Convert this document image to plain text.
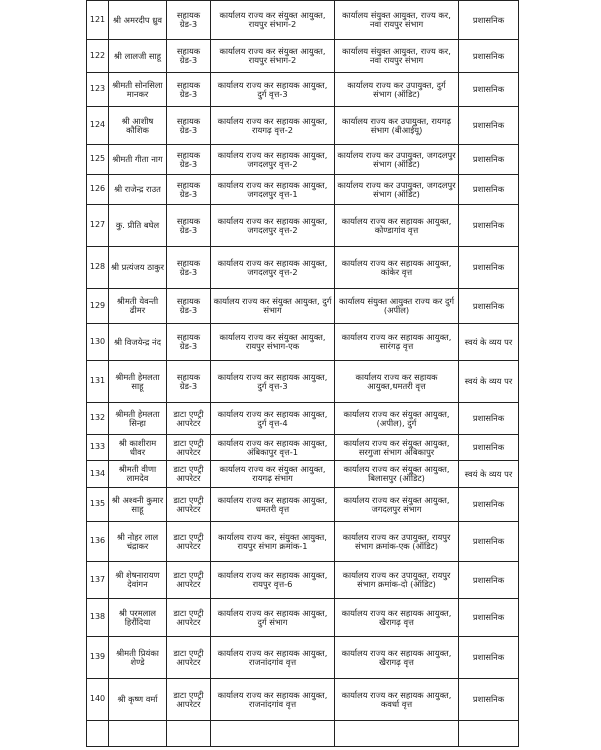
121	श्री अमरदीप ध्रुव	सहायक ग्रेड-3	कार्यालय राज्य कर संयुक्त आयुक्त, रायपुर संभाग-2	कार्यालय संयुक्त आयुक्त, राज्य कर, नवा रायपुर संभाग	प्रशासनिक
122	श्री लालजी साहू	सहायक ग्रेड-3	कार्यालय राज्य कर संयुक्त आयुक्त, रायपुर संभाग-2	कार्यालय संयुक्त आयुक्त, राज्य कर, नवा रायपुर संभाग	प्रशासनिक
123	श्रीमती सोनसिला मानकर	सहायक ग्रेड-3	कार्यालय राज्य कर सहायक आयुक्त, दुर्ग वृत्त-3	कार्यालय राज्य कर उपायुक्त, दुर्ग संभाग (ऑडिट)	प्रशासनिक
124	श्री आशीष कौशिक	सहायक ग्रेड-3	कार्यालय राज्य कर सहायक आयुक्त, रायगढ़ वृत्त-2	कार्यालय राज्य कर उपायुक्त, रायगढ़ संभाग (बीआईयू)	प्रशासनिक
125	श्रीमती गीता नाग	सहायक ग्रेड-3	कार्यालय राज्य कर सहायक आयुक्त, जगदलपुर वृत्त-2	कार्यालय राज्य कर उपायुक्त, जगदलपुर संभाग (ऑडिट)	प्रशासनिक
126	श्री राजेन्द्र राउत	सहायक ग्रेड-3	कार्यालय राज्य कर सहायक आयुक्त, जगदलपुर वृत्त-1	कार्यालय राज्य कर उपायुक्त, जगदलपुर संभाग (ऑडिट)	प्रशासनिक
127	कु. प्रीति बघेल	सहायक ग्रेड-3	कार्यालय राज्य कर सहायक आयुक्त, जगदलपुर वृत्त-2	कार्यालय राज्य कर सहायक आयुक्त, कोण्डागांव वृत्त	प्रशासनिक
128	श्री प्रत्यंजय ठाकुर	सहायक ग्रेड-3	कार्यालय राज्य कर सहायक आयुक्त, जगदलपुर वृत्त-2	कार्यालय राज्य कर सहायक आयुक्त, कांकेर वृत्त	प्रशासनिक
129	श्रीमती येवन्ती ढीमर	सहायक ग्रेड-3	कार्यालय राज्य कर संयुक्त आयुक्त, दुर्ग संभाग	कार्यालय संयुक्त आयुक्त राज्य कर दुर्ग (अपील)	प्रशासनिक
130	श्री विजयेन्द्र नंद	सहायक ग्रेड-3	कार्यालय राज्य कर संयुक्त आयुक्त, रायपुर संभाग-एक	कार्यालय राज्य कर सहायक आयुक्त, सारंगढ़ वृत्त	स्वयं के व्यय पर
131	श्रीमती हेमलता साहू	सहायक ग्रेड-3	कार्यालय राज्य कर सहायक आयुक्त, दुर्ग वृत्त-3	कार्यालय राज्य कर सहायक आयुक्त,धमतरी वृत्त	स्वयं के व्यय पर
132	श्रीमती हेमलता सिन्हा	डाटा एण्ट्री आपरेटर	कार्यालय राज्य कर सहायक आयुक्त, दुर्ग वृत्त-4	कार्यालय राज्य कर संयुक्त आयुक्त, (अपील), दुर्ग	प्रशासनिक
133	श्री काशीराम धीवर	डाटा एण्ट्री आपरेटर	कार्यालय राज्य कर सहायक आयुक्त, अंबिकापुर वृत्त-1	कार्यालय राज्य कर संयुक्त आयुक्त, सरगुजा संभाग अंबिकापुर	प्रशासनिक
134	श्रीमती वीणा लामदेव	डाटा एण्ट्री आपरेटर	कार्यालय राज्य कर संयुक्त आयुक्त, रायगढ़ संभाग	कार्यालय राज्य कर संयुक्त आयुक्त, बिलासपुर (ऑडिट)	स्वयं के व्यय पर
135	श्री अश्वनी कुमार साहू	डाटा एण्ट्री आपरेटर	कार्यालय राज्य कर सहायक आयुक्त, धमतरी वृत्त	कार्यालय राज्य कर संयुक्त आयुक्त, जगदलपुर संभाग	प्रशासनिक
136	श्री नोहर लाल चंद्राकर	डाटा एण्ट्री आपरेटर	कार्यालय राज्य कर, संयुक्त आयुक्त, रायपुर संभाग क्रमांक-1	कार्यालय राज्य कर उपायुक्त, रायपुर संभाग क्रमांक-एक (ऑडिट)	प्रशासनिक
137	श्री शेषनारायण देवांगन	डाटा एण्ट्री आपरेटर	कार्यालय राज्य कर सहायक आयुक्त, रायपुर वृत्त-6	कार्यालय राज्य कर उपायुक्त, रायपुर संभाग क्रमांक-दो (ऑडिट)	प्रशासनिक
138	श्री परमलाल हिरौंदिया	डाटा एण्ट्री आपरेटर	कार्यालय राज्य कर सहायक आयुक्त, दुर्ग संभाग	कार्यालय राज्य कर सहायक आयुक्त, खैरागढ़ वृत्त	प्रशासनिक
139	श्रीमती प्रियंका शेण्डे	डाटा एण्ट्री आपरेटर	कार्यालय राज्य कर सहायक आयुक्त, राजनांदगांव वृत्त	कार्यालय राज्य कर सहायक आयुक्त, खैरागढ़ वृत्त	प्रशासनिक
140	श्री कृष्ण वर्मा	डाटा एण्ट्री आपरेटर	कार्यालय राज्य कर सहायक आयुक्त, राजनांदगांव वृत्त	कार्यालय राज्य कर सहायक आयुक्त, कवर्धा वृत्त	प्रशासनिक
